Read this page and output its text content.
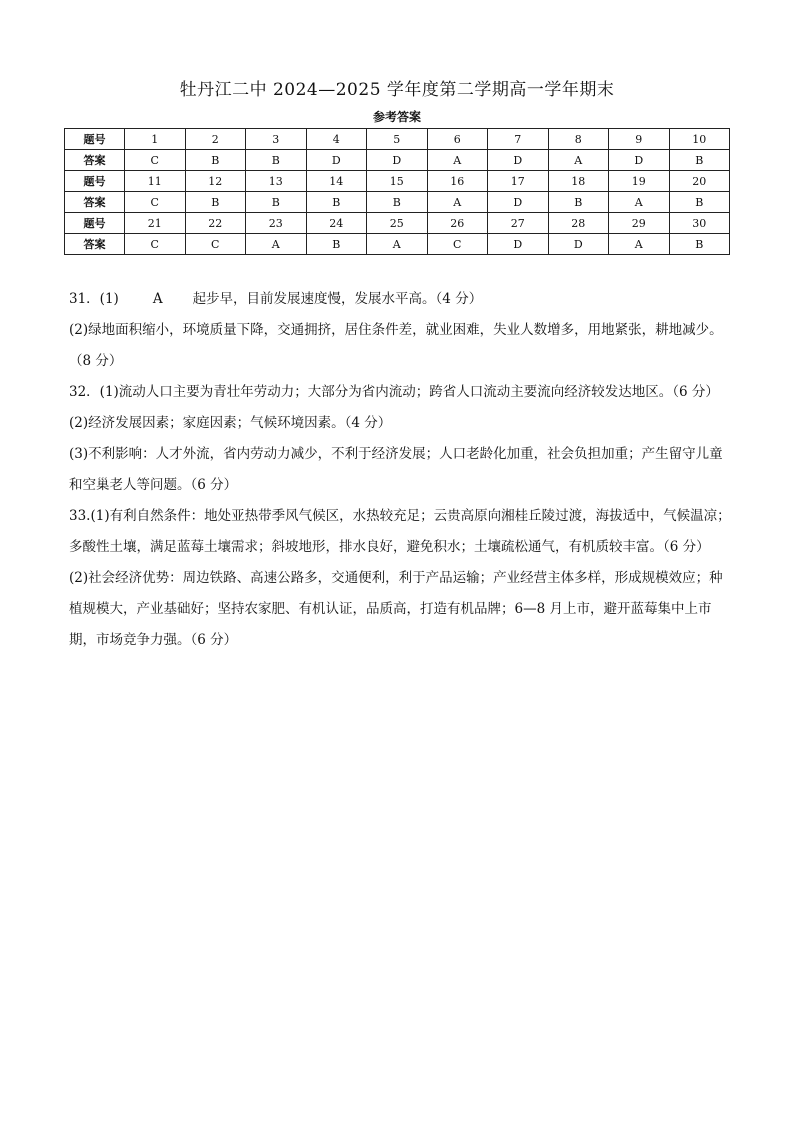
牡丹江二中 2024—2025 学年度第二学期高一学年期末
参考答案
题号	1	2	3	4	5	6	7	8	9	10
答案	C	B	B	D	D	A	D	A	D	B
题号	11	12	13	14	15	16	17	18	19	20
答案	C	B	B	B	B	A	D	B	A	B
题号	21	22	23	24	25	26	27	28	29	30
答案	C	C	A	B	A	C	D	D	A	B

31．(1)	A 起步早，目前发展速度慢，发展水平高。（4 分）

(2)绿地面积缩小，环境质量下降，交通拥挤，居住条件差，就业困难，失业人数增多，用地紧张，耕地减少。（8 分）

32．(1)流动人口主要为青壮年劳动力；大部分为省内流动；跨省人口流动主要流向经济较发达地区。（6 分）

(2)经济发展因素；家庭因素；气候环境因素。（4 分）

(3)不利影响：人才外流，省内劳动力减少，不利于经济发展；人口老龄化加重，社会负担加重；产生留守儿童和空巢老人等问题。（6 分）

33.(1)有利自然条件：地处亚热带季风气候区，水热较充足；云贵高原向湘桂丘陵过渡，海拔适中，气候温凉；多酸性土壤，满足蓝莓土壤需求；斜坡地形，排水良好，避免积水；土壤疏松通气，有机质较丰富。（6 分）

(2)社会经济优势：周边铁路、高速公路多，交通便利，利于产品运输；产业经营主体多样，形成规模效应；种植规模大，产业基础好；坚持农家肥、有机认证，品质高，打造有机品牌；6—8 月上市，避开蓝莓集中上市期，市场竞争力强。（6 分）
